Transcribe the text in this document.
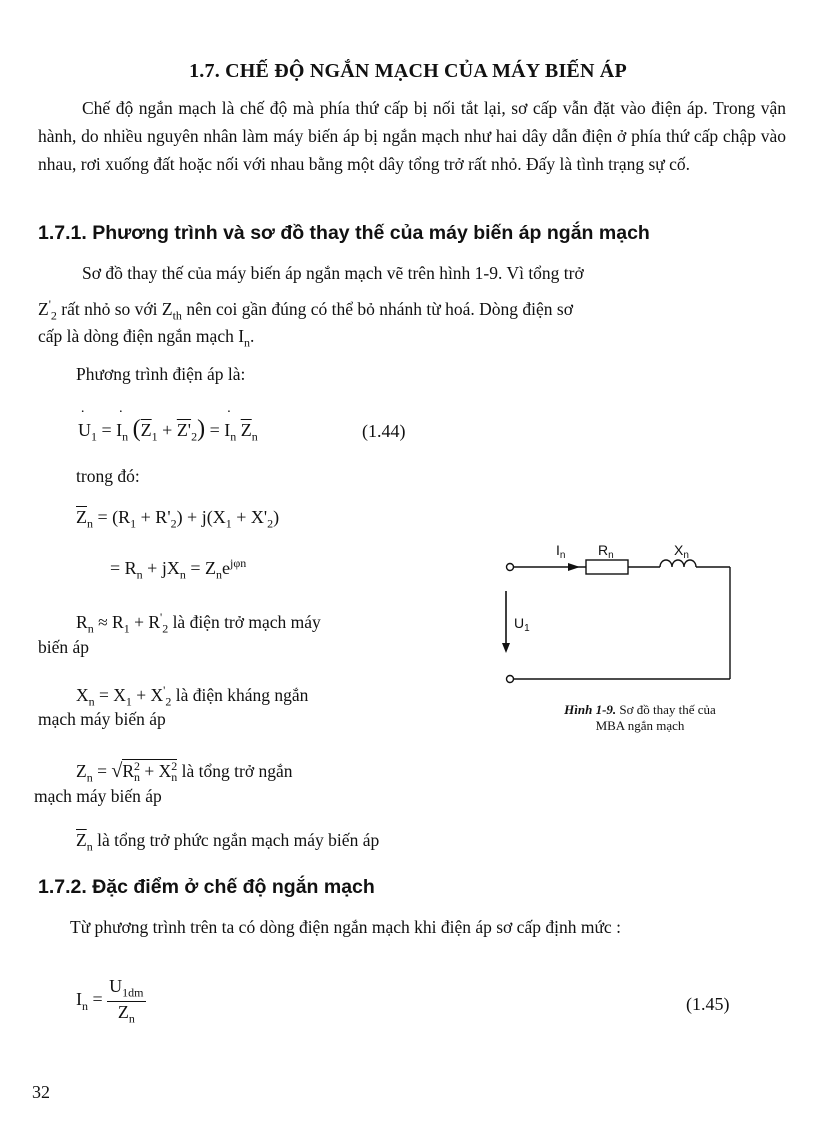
1.7. CHẾ ĐỘ NGẮN MẠCH CỦA MÁY BIẾN ÁP
Chế độ ngắn mạch là chế độ mà phía thứ cấp bị nối tắt lại, sơ cấp vẫn đặt vào điện áp. Trong vận hành, do nhiều nguyên nhân làm máy biến áp bị ngắn mạch như hai dây dẫn điện ở phía thứ cấp chập vào nhau, rơi xuống đất hoặc nối với nhau bằng một dây tổng trở rất nhỏ. Đấy là tình trạng sự cố.
1.7.1. Phương trình và sơ đồ thay thế của máy biến áp ngắn mạch
Sơ đồ thay thế của máy biến áp ngắn mạch vẽ trên hình 1-9. Vì tổng trở
$Z'_2$ rất nhỏ so với $Z_{th}$ nên coi gần đúng có thể bỏ nhánh từ hoá. Dòng điện sơ
cấp là dòng điện ngắn mạch $I_n$.
Phương trình điện áp là:
˙ $U_1$ = ˙ $I_n$ $(\overline{Z}_1 + Z'_2)$ = ˙ $I_n$ $\overline{Z}_n$	(1.44)
trong đó:
$\overline{Z}_n = (R_1 + R'_2) + j(X_1 + X'_2)$
= $R_n + jX_n = Z_ne^{j\varphi n}$
$R_n \approx R_1 + R'_2$ là điện trở mạch máy
biến áp
$X_n = X_1 + X'_2$ là điện kháng ngắn
mạch máy biến áp
$Z_n = √R^2_n + X^2_n$ là tổng trở ngắn
mạch máy biến áp
$\overline{Z}_n$ là tổng trở phức ngắn mạch máy biến áp
$I_n$ $R_n$	$X_n$
$U_1$
Hình 1-9. Sơ đồ thay thế của
MBA ngắn mạch
1.7.2. Đặc điểm ở chế độ ngắn mạch
Từ phương trình trên ta có dòng điện ngắn mạch khi điện áp sơ cấp định mức :
$I_n = \frac{U_{1dm}}{Z_n}$	(1.45)
32
